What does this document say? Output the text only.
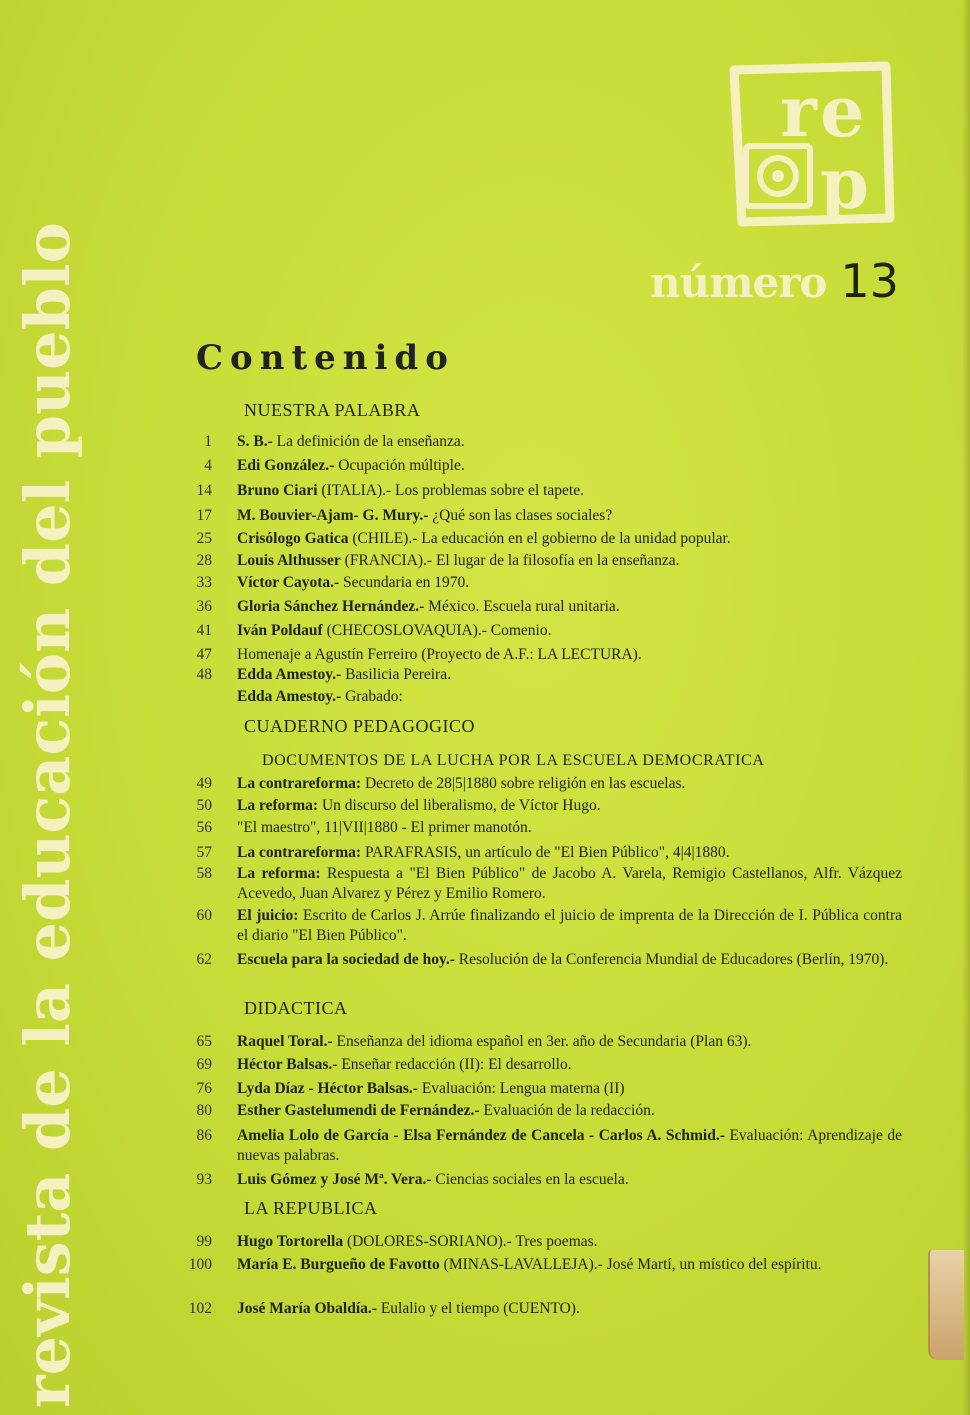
revista de la educación del pueblo
r e
p
número 13
Contenido
NUESTRA PALABRA
1 S. B.- La definición de la enseñanza.
4 Edi González.- Ocupación múltiple.
14 Bruno Ciari (ITALIA).- Los problemas sobre el tapete.
17 M. Bouvier-Ajam- G. Mury.- ¿Qué son las clases sociales?
25 Crisólogo Gatica (CHILE).- La educación en el gobierno de la unidad popular.
28 Louis Althusser (FRANCIA).- El lugar de la filosofía en la enseñanza.
33 Víctor Cayota.- Secundaria en 1970.
36 Gloria Sánchez Hernández.- México. Escuela rural unitaria.
41 Iván Poldauf (CHECOSLOVAQUIA).- Comenio.
47 Homenaje a Agustín Ferreiro (Proyecto de A.F.: LA LECTURA).
48 Edda Amestoy.- Basilicia Pereira.
Edda Amestoy.- Grabado:
CUADERNO PEDAGOGICO
DOCUMENTOS DE LA LUCHA POR LA ESCUELA DEMOCRATICA
49 La contrareforma: Decreto de 28|5|1880 sobre religión en las escuelas.
50 La reforma: Un discurso del liberalismo, de Víctor Hugo.
56 "El maestro", 11|VII|1880 - El primer manotón.
57 La contrareforma: PARAFRASIS, un artículo de "El Bien Público", 4|4|1880.
58 La reforma: Respuesta a "El Bien Público" de Jacobo A. Varela, Remigio Castellanos, Alfr. Vázquez Acevedo, Juan Alvarez y Pérez y Emilio Romero.
60 El juicio: Escrito de Carlos J. Arrúe finalizando el juicio de imprenta de la Dirección de I. Pública contra el diario "El Bien Público".
62 Escuela para la sociedad de hoy.- Resolución de la Conferencia Mundial de Educadores (Berlín, 1970).
DIDACTICA
65 Raquel Toral.- Enseñanza del idioma español en 3er. año de Secundaria (Plan 63).
69 Héctor Balsas.- Enseñar redacción (II): El desarrollo.
76 Lyda Díaz - Héctor Balsas.- Evaluación: Lengua materna (II)
80 Esther Gastelumendi de Fernández.- Evaluación de la redacción.
86 Amelia Lolo de García - Elsa Fernández de Cancela - Carlos A. Schmid.- Evaluación: Aprendizaje de nuevas palabras.
93 Luis Gómez y José Mª. Vera.- Ciencias sociales en la escuela.
LA REPUBLICA
99 Hugo Tortorella (DOLORES-SORIANO).- Tres poemas.
100 María E. Burgueño de Favotto (MINAS-LAVALLEJA).- José Martí, un místico del espíritu.
102 José María Obaldía.- Eulalio y el tiempo (CUENTO).
